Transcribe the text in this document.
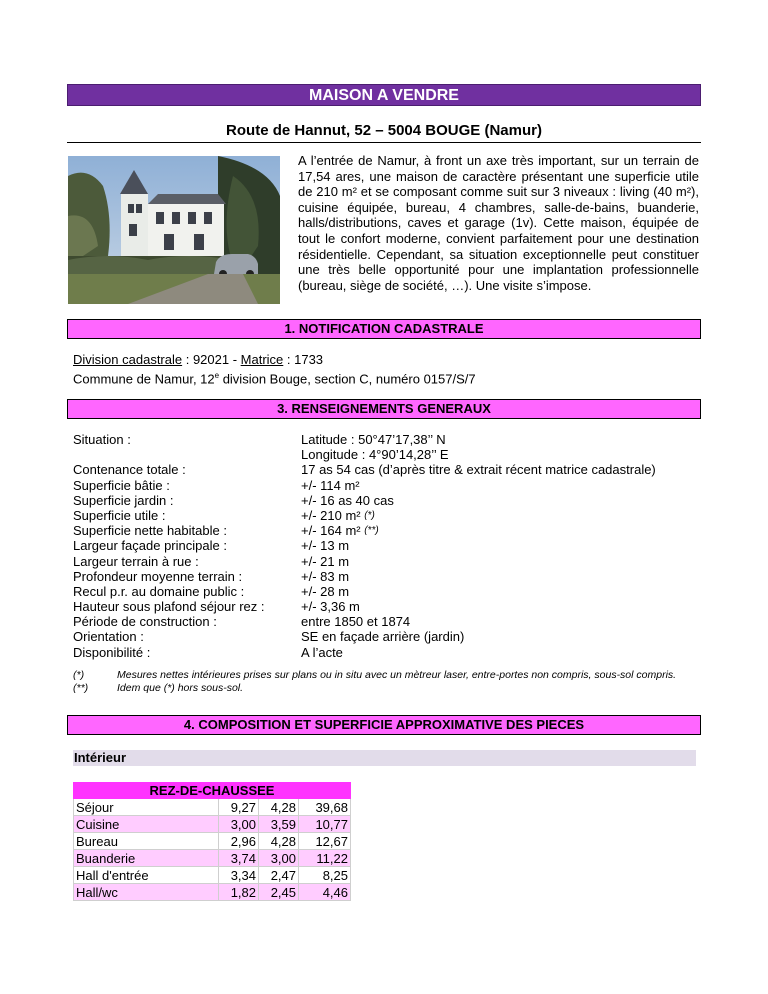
MAISON A VENDRE
Route de Hannut, 52 – 5004 BOUGE (Namur)
A l’entrée de Namur, à front un axe très important, sur un terrain de 17,54 ares, une maison de caractère présentant une superficie utile de 210 m² et se composant comme suit sur 3 niveaux : living (40 m²), cuisine équipée, bureau, 4 chambres, salle-de-bains, buanderie, halls/distributions, caves et garage (1v). Cette maison, équipée de tout le confort moderne, convient parfaitement pour une destination résidentielle. Cependant, sa situation exceptionnelle peut constituer une très belle opportunité pour une implantation professionnelle (bureau, siège de société, …). Une visite s’impose.
1. NOTIFICATION CADASTRALE
Division cadastrale : 92021 - Matrice : 1733
Commune de Namur, 12e division Bouge, section C, numéro 0157/S/7
3. RENSEIGNEMENTS GENERAUX
Situation :	Latitude : 50°47’17,38’’ N
Longitude : 4°90’14,28’’ E
Contenance totale :	17 as 54 cas (d’après titre & extrait récent matrice cadastrale)
Superficie bâtie :	+/- 114 m²
Superficie jardin :	+/- 16 as 40 cas
Superficie utile :	+/- 210 m² (*)
Superficie nette habitable :	+/- 164 m² (**)
Largeur façade principale :	+/- 13 m
Largeur terrain à rue :	+/- 21 m
Profondeur moyenne terrain :	+/- 83 m
Recul p.r. au domaine public :	+/- 28 m
Hauteur sous plafond séjour rez :	+/- 3,36 m
Période de construction :	entre 1850 et 1874
Orientation :	SE en façade arrière (jardin)
Disponibilité :	A l’acte
(*)	Mesures nettes intérieures prises sur plans ou in situ avec un mètreur laser, entre-portes non compris, sous-sol compris.
(**)	Idem que (*) hors sous-sol.
4. COMPOSITION ET SUPERFICIE APPROXIMATIVE DES PIECES
Intérieur
REZ-DE-CHAUSSEE			
Séjour	9,27	4,28	39,68
Cuisine	3,00	3,59	10,77
Bureau	2,96	4,28	12,67
Buanderie	3,74	3,00	11,22
Hall d'entrée	3,34	2,47	8,25
Hall/wc	1,82	2,45	4,46
